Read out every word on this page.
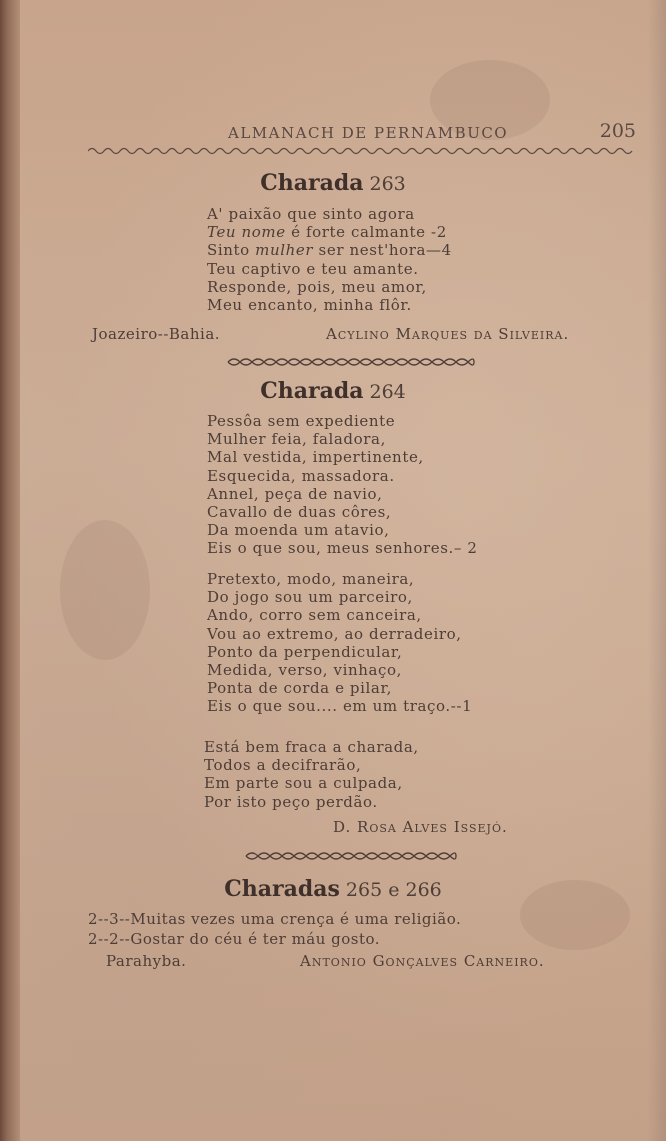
ALMANACH DE PERNAMBUCO	205
Charada 263
A' paixão que sinto agora
Teu nome é forte calmante -2
Sinto mulher ser nest'hora—4
Teu captivo e teu amante.
Responde, pois, meu amor,
Meu encanto, minha flôr.
Joazeiro--Bahia.	Acylino Marques da Silveira.
Charada 264
Pessôa sem expediente
Mulher feia, faladora,
Mal vestida, impertinente,
Esquecida, massadora.
Annel, peça de navio,
Cavallo de duas côres,
Da moenda um atavio,
Eis o que sou, meus senhores.– 2
Pretexto, modo, maneira,
Do jogo sou um parceiro,
Ando, corro sem canceira,
Vou ao extremo, ao derradeiro,
Ponto da perpendicular,
Medida, verso, vinhaço,
Ponta de corda e pilar,
Eis o que sou.... em um traço.--1
Está bem fraca a charada,
Todos a decifrarão,
Em parte sou a culpada,
Por isto peço perdão.
D. Rosa Alves Issejó.
Charadas 265 e 266
2--3--Muitas vezes uma crença é uma religião.
2--2--Gostar do céu é ter máu gosto.
Parahyba.	Antonio Gonçalves Carneiro.
